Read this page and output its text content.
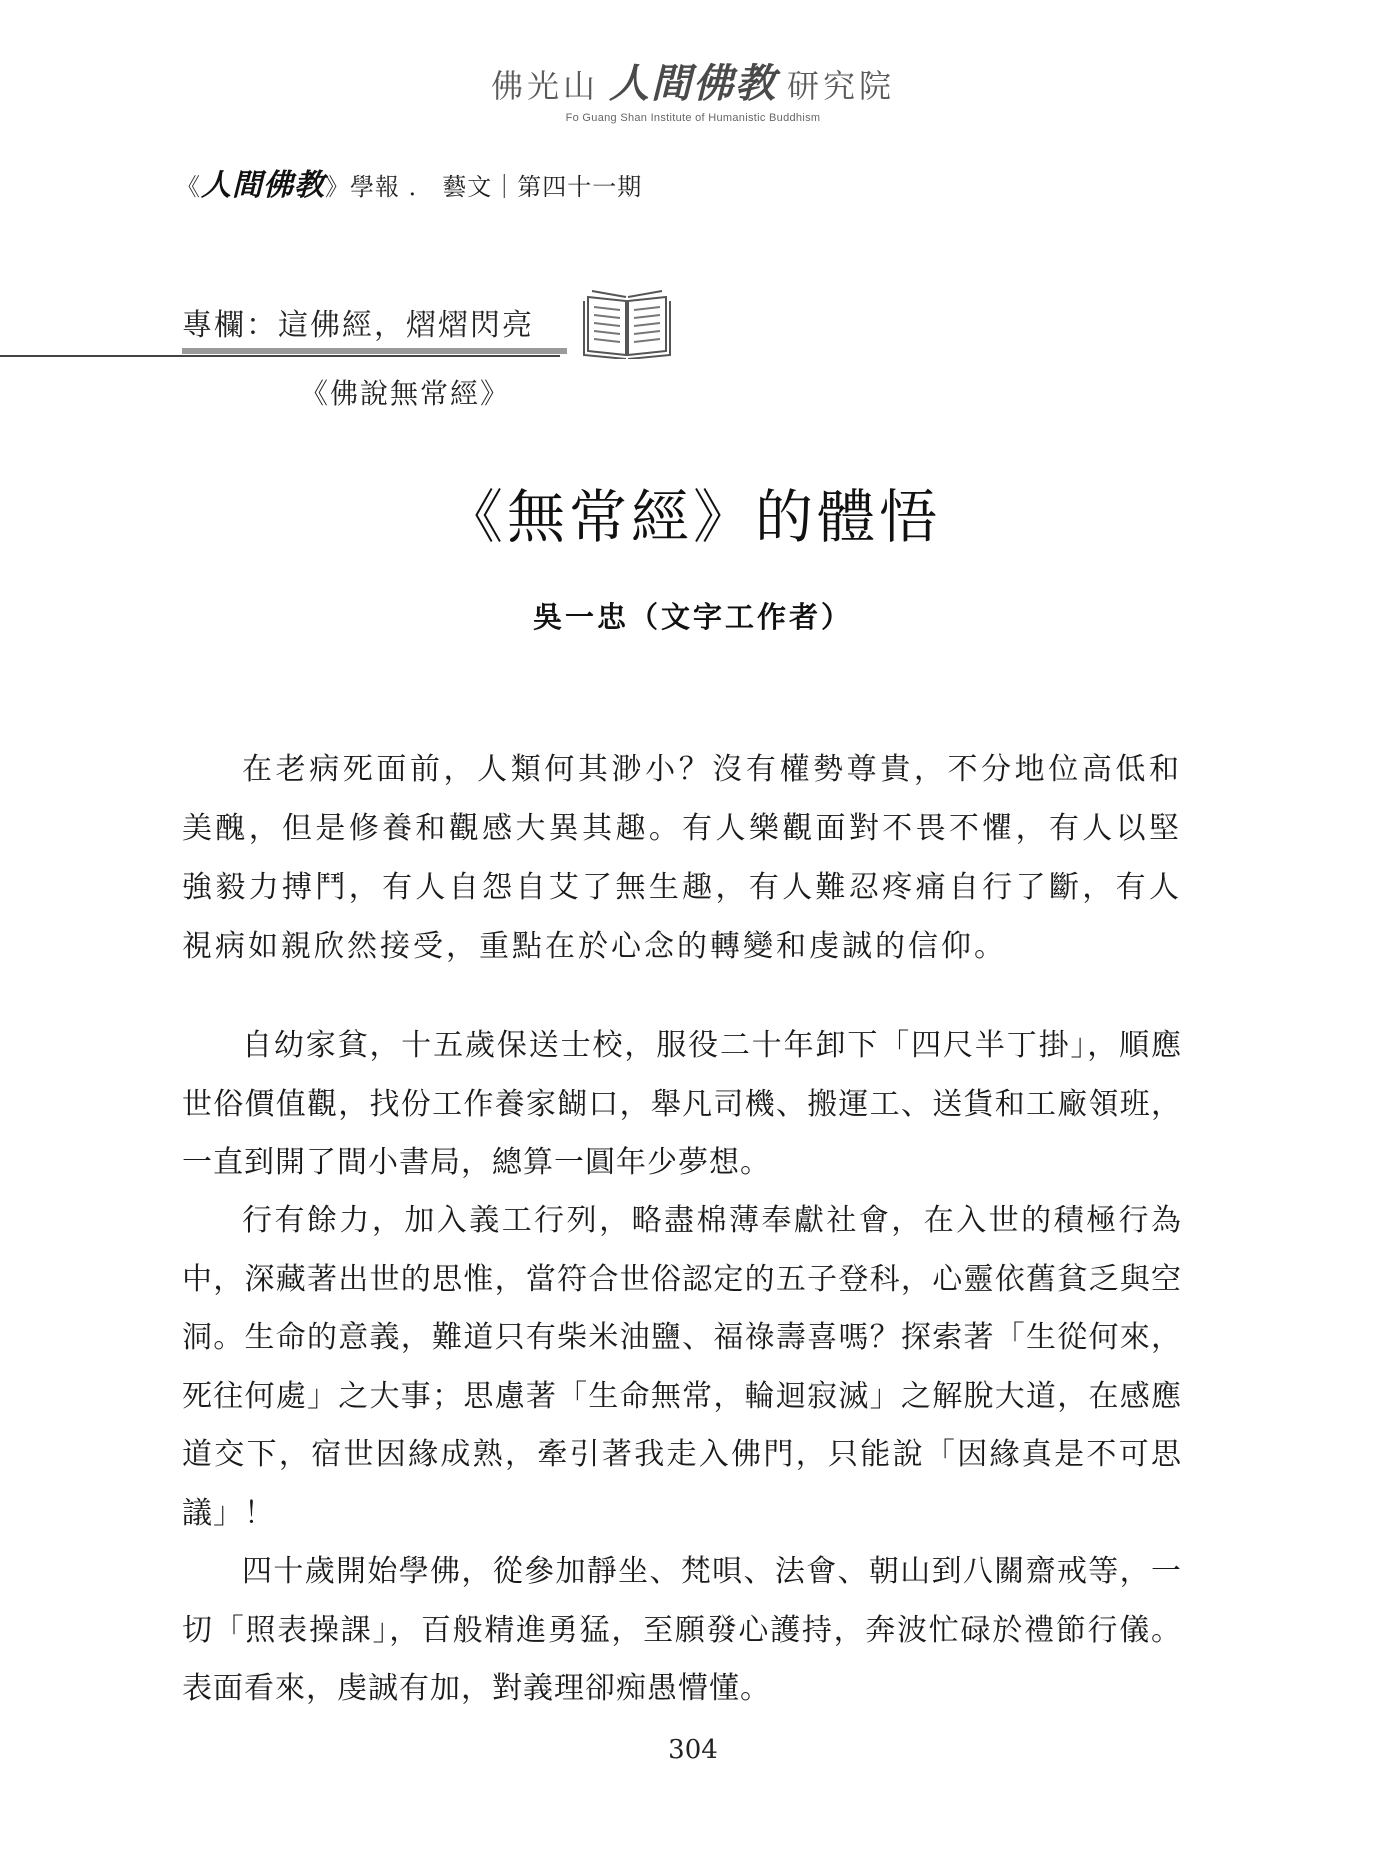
佛光山 人間佛教 研究院
Fo Guang Shan Institute of Humanistic Buddhism
《人間佛教》學報 ． 藝文｜第四十一期
專欄：這佛經，熠熠閃亮
《佛說無常經》
《無常經》的體悟
吳一忠（文字工作者）

在老病死面前，人類何其渺小？沒有權勢尊貴，不分地位高低和美醜，但是修養和觀感大異其趣。有人樂觀面對不畏不懼，有人以堅強毅力搏鬥，有人自怨自艾了無生趣，有人難忍疼痛自行了斷，有人視病如親欣然接受，重點在於心念的轉變和虔誠的信仰。

自幼家貧，十五歲保送士校，服役二十年卸下「四尺半丁掛」，順應世俗價值觀，找份工作養家餬口，舉凡司機、搬運工、送貨和工廠領班，一直到開了間小書局，總算一圓年少夢想。

行有餘力，加入義工行列，略盡棉薄奉獻社會，在入世的積極行為中，深藏著出世的思惟，當符合世俗認定的五子登科，心靈依舊貧乏與空洞。生命的意義，難道只有柴米油鹽、福祿壽喜嗎？探索著「生從何來，死往何處」之大事；思慮著「生命無常，輪迴寂滅」之解脫大道，在感應道交下，宿世因緣成熟，牽引著我走入佛門，只能說「因緣真是不可思議」！

四十歲開始學佛，從參加靜坐、梵唄、法會、朝山到八關齋戒等，一切「照表操課」，百般精進勇猛，至願發心護持，奔波忙碌於禮節行儀。表面看來，虔誠有加，對義理卻痴愚懵懂。

304
